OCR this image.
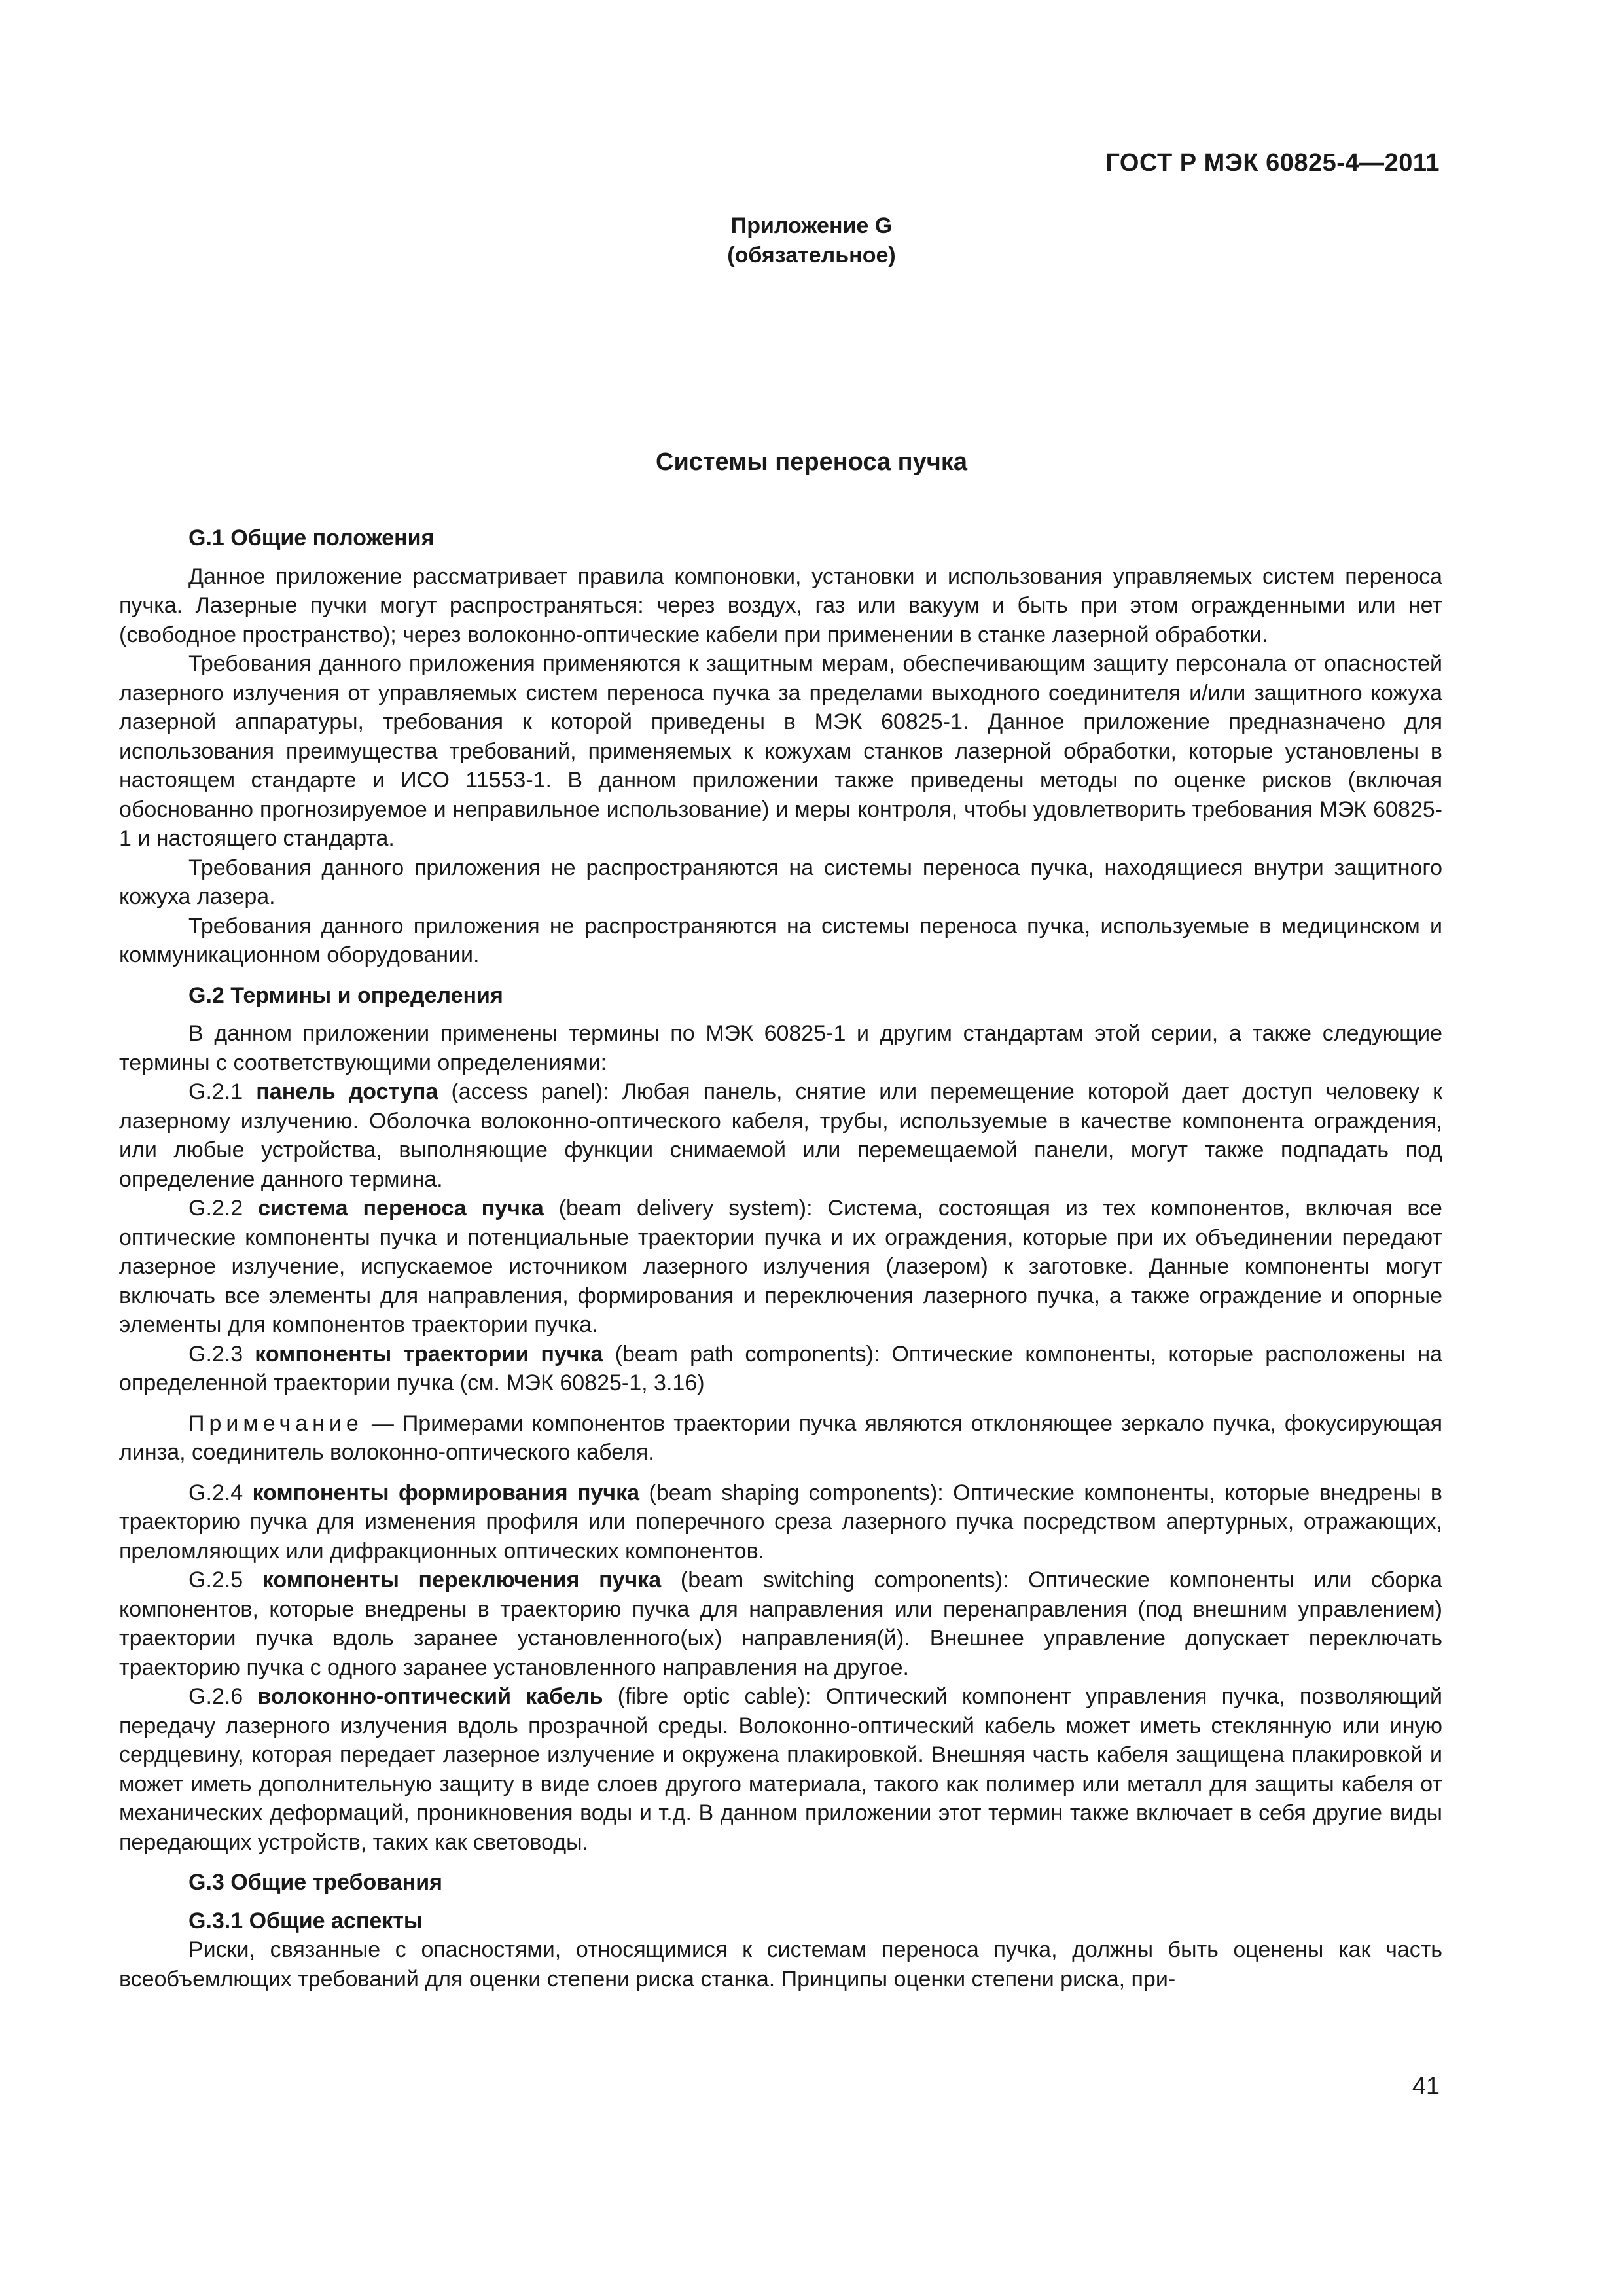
ГОСТ Р МЭК 60825-4—2011
Приложение G
(обязательное)
Системы переноса пучка
G.1 Общие положения

Данное приложение рассматривает правила компоновки, установки и использования управляемых систем переноса пучка. Лазерные пучки могут распространяться: через воздух, газ или вакуум и быть при этом огражденными или нет (свободное пространство); через волоконно-оптические кабели при применении в станке лазерной обработки.

Требования данного приложения применяются к защитным мерам, обеспечивающим защиту персонала от опасностей лазерного излучения от управляемых систем переноса пучка за пределами выходного соединителя и/или защитного кожуха лазерной аппаратуры, требования к которой приведены в МЭК 60825-1. Данное приложение предназначено для использования преимущества требований, применяемых к кожухам станков лазерной обработки, которые установлены в настоящем стандарте и ИСО 11553-1. В данном приложении также приведены методы по оценке рисков (включая обоснованно прогнозируемое и неправильное использование) и меры контроля, чтобы удовлетворить требования МЭК 60825-1 и настоящего стандарта.

Требования данного приложения не распространяются на системы переноса пучка, находящиеся внутри защитного кожуха лазера.

Требования данного приложения не распространяются на системы переноса пучка, используемые в медицинском и коммуникационном оборудовании.

G.2 Термины и определения

В данном приложении применены термины по МЭК 60825-1 и другим стандартам этой серии, а также следующие термины с соответствующими определениями:

G.2.1 панель доступа (access panel): Любая панель, снятие или перемещение которой дает доступ человеку к лазерному излучению. Оболочка волоконно-оптического кабеля, трубы, используемые в качестве компонента ограждения, или любые устройства, выполняющие функции снимаемой или перемещаемой панели, могут также подпадать под определение данного термина.

G.2.2 система переноса пучка (beam delivery system): Система, состоящая из тех компонентов, включая все оптические компоненты пучка и потенциальные траектории пучка и их ограждения, которые при их объединении передают лазерное излучение, испускаемое источником лазерного излучения (лазером) к заготовке. Данные компоненты могут включать все элементы для направления, формирования и переключения лазерного пучка, а также ограждение и опорные элементы для компонентов траектории пучка.

G.2.3 компоненты траектории пучка (beam path components): Оптические компоненты, которые расположены на определенной траектории пучка (см. МЭК 60825-1, 3.16)

Примечание — Примерами компонентов траектории пучка являются отклоняющее зеркало пучка, фокусирующая линза, соединитель волоконно-оптического кабеля.

G.2.4 компоненты формирования пучка (beam shaping components): Оптические компоненты, которые внедрены в траекторию пучка для изменения профиля или поперечного среза лазерного пучка посредством апертурных, отражающих, преломляющих или дифракционных оптических компонентов.

G.2.5 компоненты переключения пучка (beam switching components): Оптические компоненты или сборка компонентов, которые внедрены в траекторию пучка для направления или перенаправления (под внешним управлением) траектории пучка вдоль заранее установленного(ых) направления(й). Внешнее управление допускает переключать траекторию пучка с одного заранее установленного направления на другое.

G.2.6 волоконно-оптический кабель (fibre optic cable): Оптический компонент управления пучка, позволяющий передачу лазерного излучения вдоль прозрачной среды. Волоконно-оптический кабель может иметь стеклянную или иную сердцевину, которая передает лазерное излучение и окружена плакировкой. Внешняя часть кабеля защищена плакировкой и может иметь дополнительную защиту в виде слоев другого материала, такого как полимер или металл для защиты кабеля от механических деформаций, проникновения воды и т.д. В данном приложении этот термин также включает в себя другие виды передающих устройств, таких как световоды.

G.3 Общие требования
G.3.1 Общие аспекты

Риски, связанные с опасностями, относящимися к системам переноса пучка, должны быть оценены как часть всеобъемлющих требований для оценки степени риска станка. Принципы оценки степени риска, при-

41
